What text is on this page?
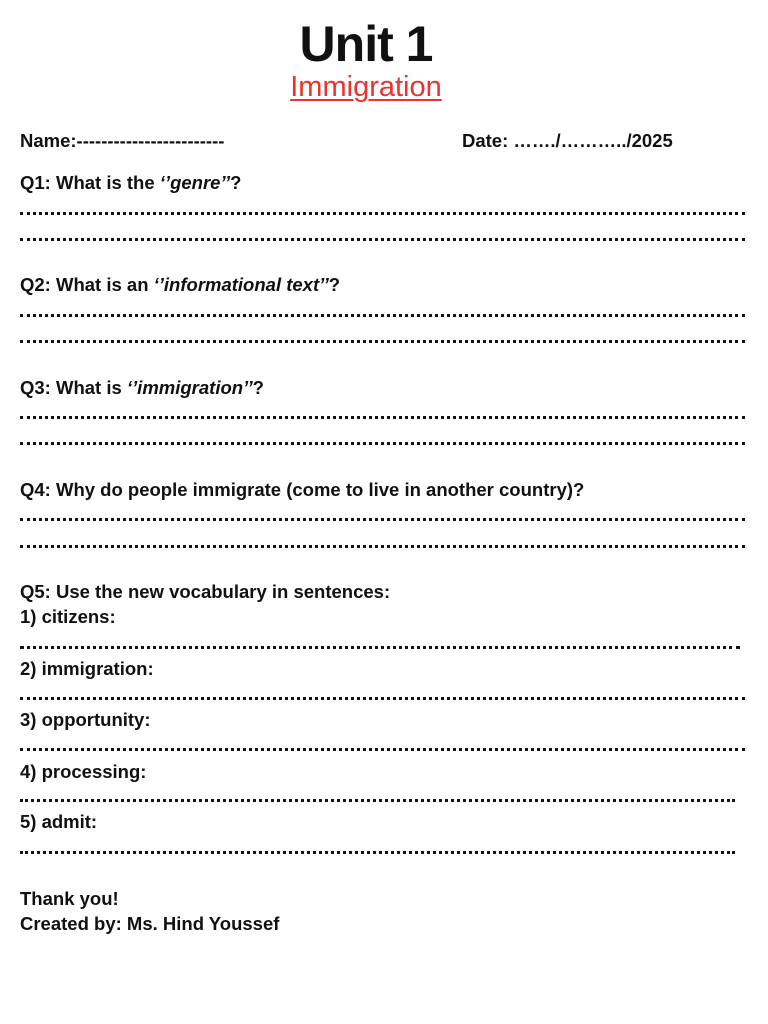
Unit 1
Immigration
Name:------------------------	Date: ……./………../2025
Q1: What is the ‘’genre’’?
Q2: What is an ‘’informational text’’?
Q3: What is ‘’immigration’’?
Q4: Why do people immigrate (come to live in another country)?
Q5: Use the new vocabulary in sentences:
1) citizens:
2) immigration:
3) opportunity:
4) processing:
5) admit:
Thank you!
Created by: Ms. Hind Youssef
